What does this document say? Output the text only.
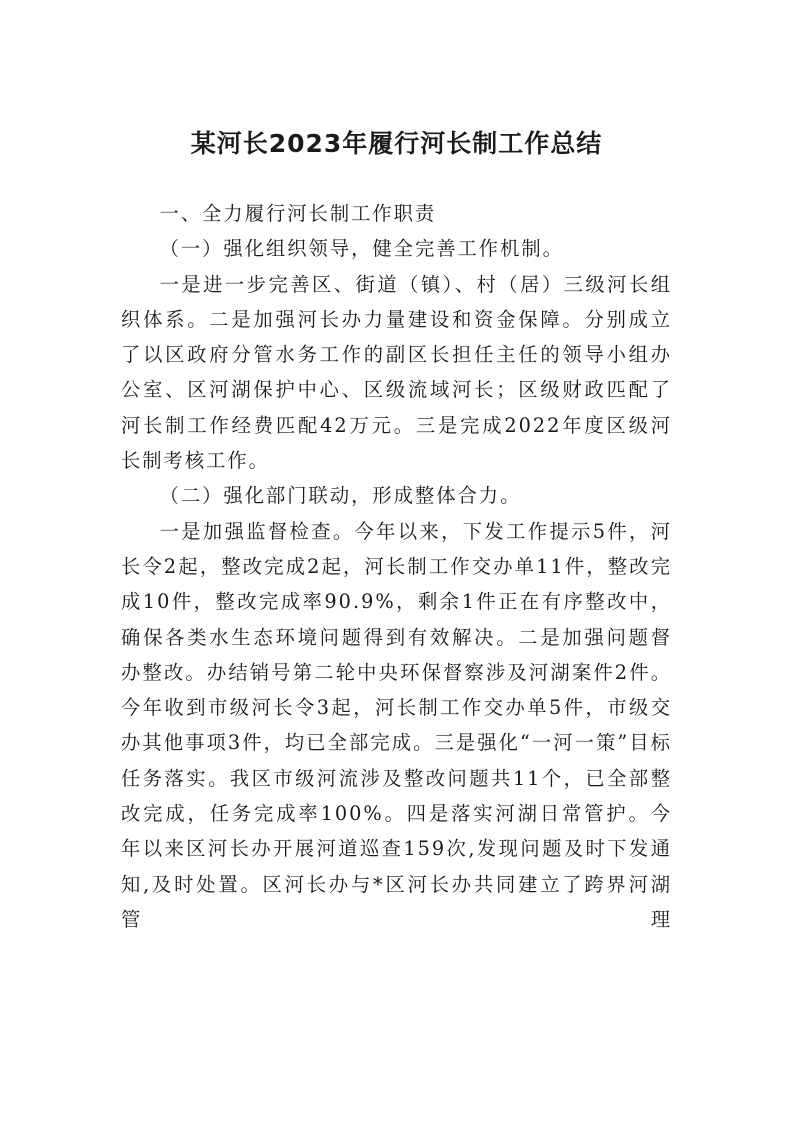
某河长2023年履行河长制工作总结

一、全力履行河长制工作职责

（一）强化组织领导，健全完善工作机制。

一是进一步完善区、街道（镇）、村（居）三级河长组织体系。二是加强河长办力量建设和资金保障。分别成立了以区政府分管水务工作的副区长担任主任的领导小组办公室、区河湖保护中心、区级流域河长；区级财政匹配了河长制工作经费匹配42万元。三是完成2022年度区级河长制考核工作。

（二）强化部门联动，形成整体合力。

一是加强监督检查。今年以来，下发工作提示5件，河长令2起，整改完成2起，河长制工作交办单11件，整改完成10件，整改完成率90.9%，剩余1件正在有序整改中，确保各类水生态环境问题得到有效解决。二是加强问题督办整改。办结销号第二轮中央环保督察涉及河湖案件2件。今年收到市级河长令3起，河长制工作交办单5件，市级交办其他事项3件，均已全部完成。三是强化“一河一策”目标任务落实。我区市级河流涉及整改问题共11个，已全部整改完成，任务完成率100%。四是落实河湖日常管护。今年以来区河长办开展河道巡查159次,发现问题及时下发通知,及时处置。区河长办与*区河长办共同建立了跨界河湖管理
